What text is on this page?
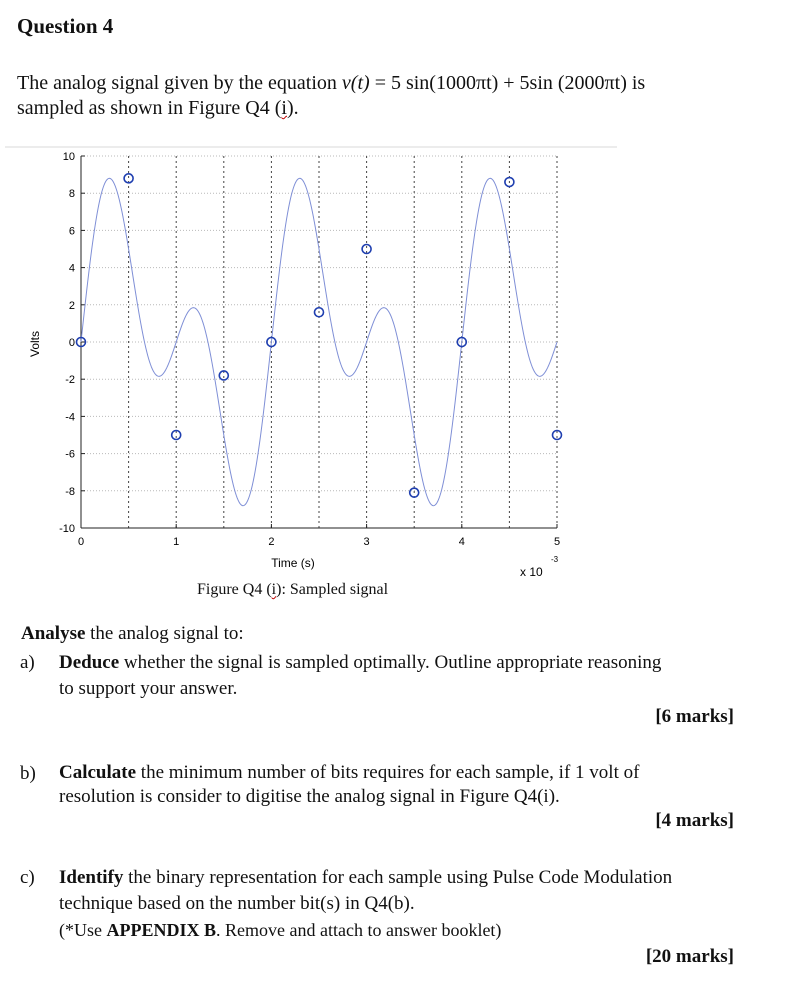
Question 4
The analog signal given by the equation v(t) = 5 sin(1000πt) + 5sin (2000πt) is
sampled as shown in Figure Q4 (i).
10
8
6
4
2
0
-2
-4
-6
-8
-10
0	1	2	3	4	5
Time (s)
Volts
x 10
-3
Figure Q4 (i): Sampled signal
Analyse the analog signal to:
a) Deduce whether the signal is sampled optimally. Outline appropriate reasoning
to support your answer.
[6 marks]
b) Calculate the minimum number of bits requires for each sample, if 1 volt of
resolution is consider to digitise the analog signal in Figure Q4(i).
[4 marks]
c) Identify the binary representation for each sample using Pulse Code Modulation
technique based on the number bit(s) in Q4(b).
(*Use APPENDIX B. Remove and attach to answer booklet)
[20 marks]
